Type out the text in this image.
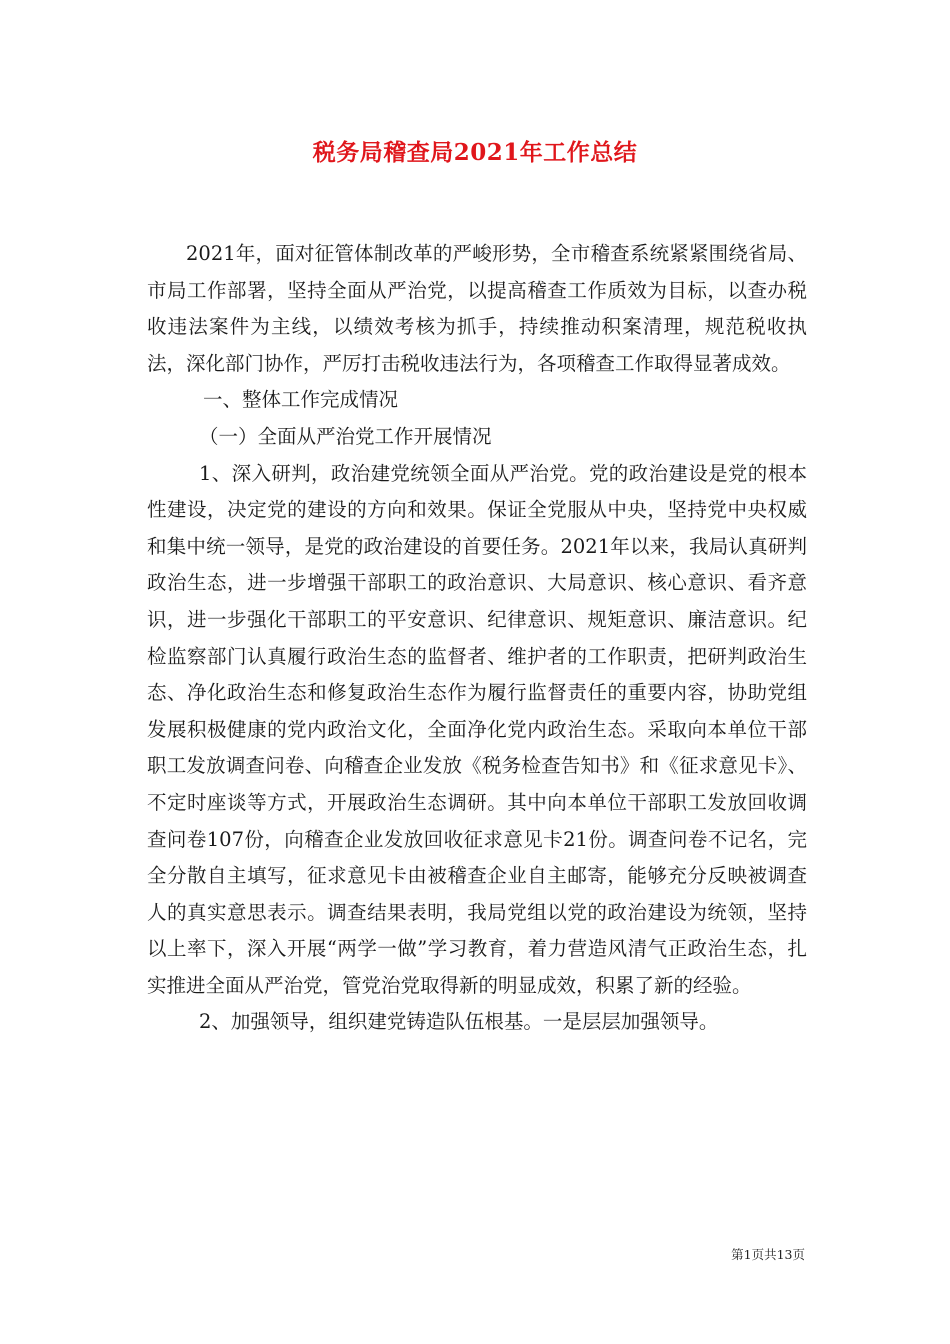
税务局稽查局2021年工作总结

2021年，面对征管体制改革的严峻形势，全市稽查系统紧紧围绕省局、市局工作部署，坚持全面从严治党，以提高稽查工作质效为目标，以查办税收违法案件为主线，以绩效考核为抓手，持续推动积案清理，规范税收执法，深化部门协作，严厉打击税收违法行为，各项稽查工作取得显著成效。

一、整体工作完成情况

（一）全面从严治党工作开展情况

1、深入研判，政治建党统领全面从严治党。党的政治建设是党的根本性建设，决定党的建设的方向和效果。保证全党服从中央，坚持党中央权威和集中统一领导，是党的政治建设的首要任务。2021年以来，我局认真研判政治生态，进一步增强干部职工的政治意识、大局意识、核心意识、看齐意识，进一步强化干部职工的平安意识、纪律意识、规矩意识、廉洁意识。纪检监察部门认真履行政治生态的监督者、维护者的工作职责，把研判政治生态、净化政治生态和修复政治生态作为履行监督责任的重要内容，协助党组发展积极健康的党内政治文化，全面净化党内政治生态。采取向本单位干部职工发放调查问卷、向稽查企业发放《税务检查告知书》和《征求意见卡》、不定时座谈等方式，开展政治生态调研。其中向本单位干部职工发放回收调查问卷107份，向稽查企业发放回收征求意见卡21份。调查问卷不记名，完全分散自主填写，征求意见卡由被稽查企业自主邮寄，能够充分反映被调查人的真实意思表示。调查结果表明，我局党组以党的政治建设为统领，坚持以上率下，深入开展“两学一做”学习教育，着力营造风清气正政治生态，扎实推进全面从严治党，管党治党取得新的明显成效，积累了新的经验。

2、加强领导，组织建党铸造队伍根基。一是层层加强领导。

第1页共13页
